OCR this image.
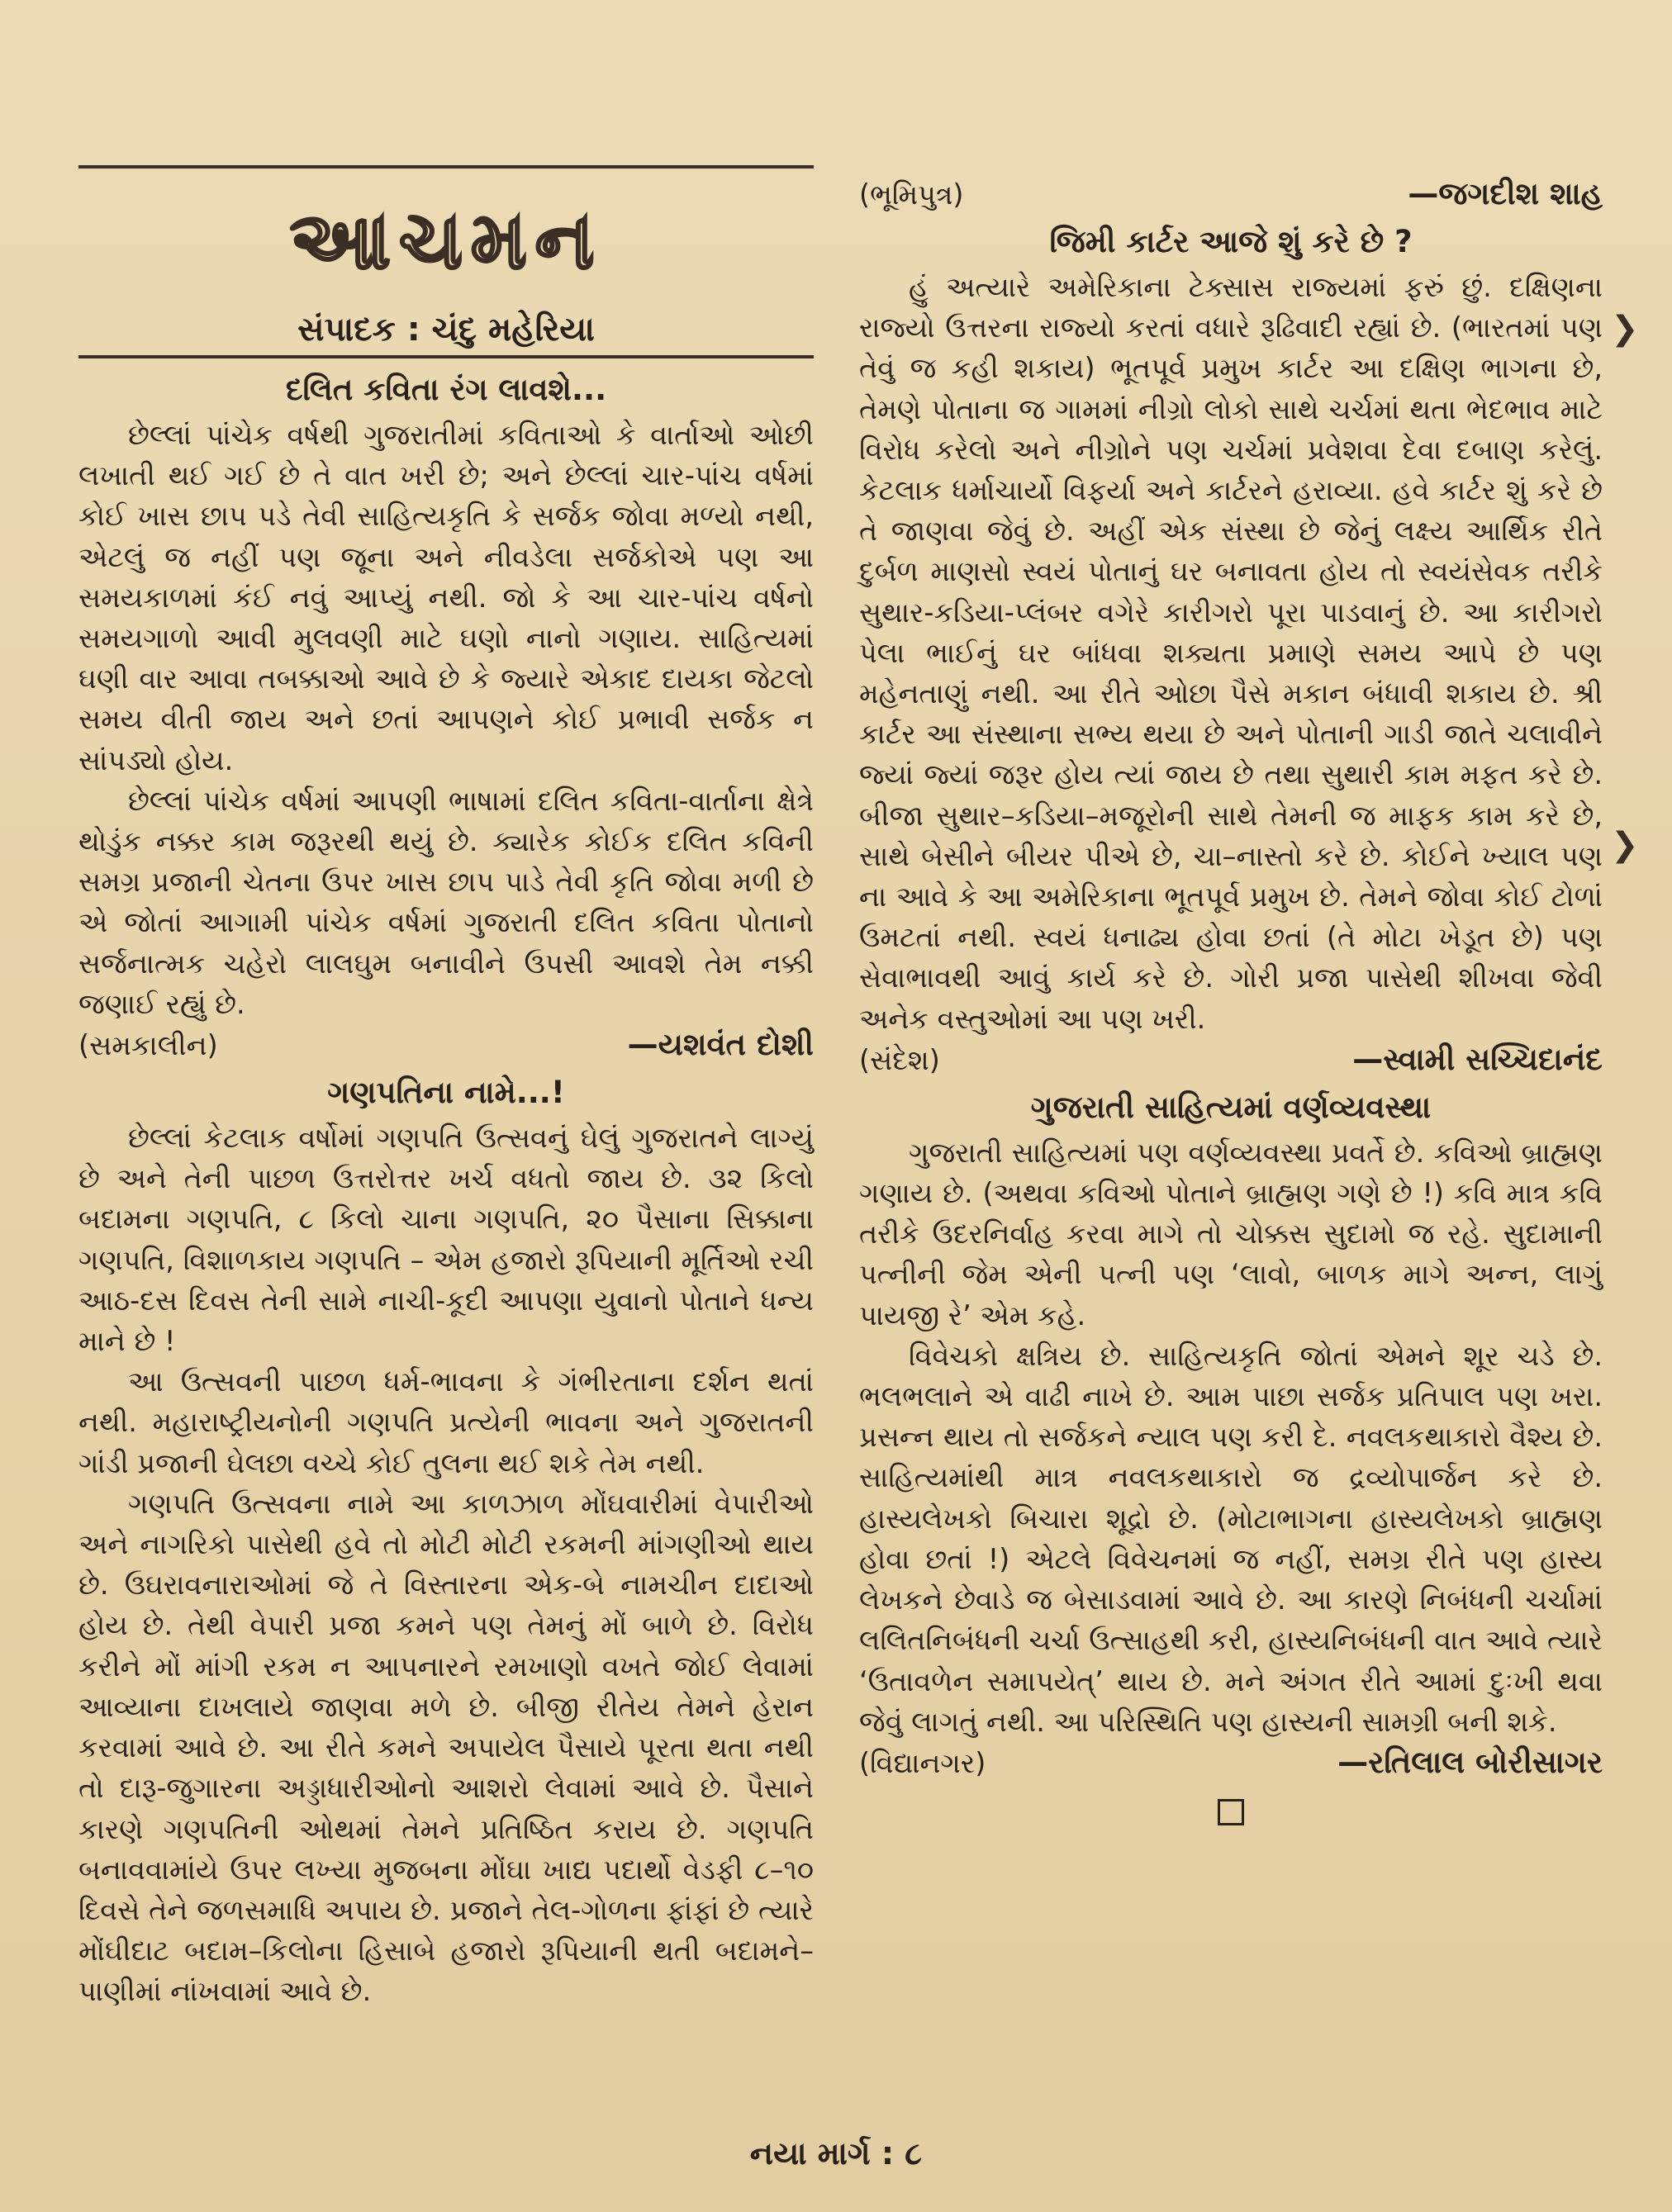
આચમન
સંપાદક : ચંદુ મહેરિયા
દલિત કવિતા રંગ લાવશે...

છેલ્લાં પાંચેક વર્ષથી ગુજરાતીમાં કવિતાઓ કે વાર્તાઓ ઓછી લખાતી થઈ ગઈ છે તે વાત ખરી છે; અને છેલ્લાં ચાર-પાંચ વર્ષમાં કોઈ ખાસ છાપ પડે તેવી સાહિત્યકૃતિ કે સર્જક જોવા મળ્યો નથી, એટલું જ નહીં પણ જૂના અને નીવડેલા સર્જકોએ પણ આ સમયકાળમાં કંઈ નવું આપ્યું નથી. જો કે આ ચાર-પાંચ વર્ષનો સમયગાળો આવી મુલવણી માટે ઘણો નાનો ગણાય. સાહિત્યમાં ઘણી વાર આવા તબક્કાઓ આવે છે કે જ્યારે એકાદ દાયકા જેટલો સમય વીતી જાય અને છતાં આપણને કોઈ પ્રભાવી સર્જક ન સાંપડ્યો હોય.

છેલ્લાં પાંચેક વર્ષમાં આપણી ભાષામાં દલિત કવિતા-વાર્તાના ક્ષેત્રે થોડુંક નક્કર કામ જરૂરથી થયું છે. ક્યારેક કોઈક દલિત કવિની સમગ્ર પ્રજાની ચેતના ઉપર ખાસ છાપ પાડે તેવી કૃતિ જોવા મળી છે એ જોતાં આગામી પાંચેક વર્ષમાં ગુજરાતી દલિત કવિતા પોતાનો સર્જનાત્મક ચહેરો લાલઘુમ બનાવીને ઉપસી આવશે તેમ નક્કી જણાઈ રહ્યું છે.

(સમકાલીન)	—યશવંત દોશી
ગણપતિના નામે...!

છેલ્લાં કેટલાક વર્ષોમાં ગણપતિ ઉત્સવનું ઘેલું ગુજરાતને લાગ્યું છે અને તેની પાછળ ઉત્તરોત્તર ખર્ચ વધતો જાય છે. ૩૨ કિલો બદામના ગણપતિ, ૮ કિલો ચાના ગણપતિ, ૨૦ પૈસાના સિક્કાના ગણપતિ, વિશાળકાય ગણપતિ – એમ હજારો રૂપિયાની મૂર્તિઓ રચી આઠ-દસ દિવસ તેની સામે નાચી-કૂદી આપણા યુવાનો પોતાને ધન્ય માને છે !

આ ઉત્સવની પાછળ ધર્મ-ભાવના કે ગંભીરતાના દર્શન થતાં નથી. મહારાષ્ટ્રીયનોની ગણપતિ પ્રત્યેની ભાવના અને ગુજરાતની ગાંડી પ્રજાની ઘેલછા વચ્ચે કોઈ તુલના થઈ શકે તેમ નથી.

ગણપતિ ઉત્સવના નામે આ કાળઝાળ મોંઘવારીમાં વેપારીઓ અને નાગરિકો પાસેથી હવે તો મોટી મોટી રકમની માંગણીઓ થાય છે. ઉઘરાવનારાઓમાં જે તે વિસ્તારના એક-બે નામચીન દાદાઓ હોય છે. તેથી વેપારી પ્રજા કમને પણ તેમનું મોં બાળે છે. વિરોધ કરીને મોં માંગી રકમ ન આપનારને રમખાણો વખતે જોઈ લેવામાં આવ્યાના દાખલાયે જાણવા મળે છે. બીજી રીતેય તેમને હેરાન કરવામાં આવે છે. આ રીતે કમને અપાયેલ પૈસાયે પૂરતા થતા નથી તો દારૂ-જુગારના અડ્ડાધારીઓનો આશરો લેવામાં આવે છે. પૈસાને કારણે ગણપતિની ઓથમાં તેમને પ્રતિષ્ઠિત કરાય છે. ગણપતિ બનાવવામાંયે ઉપર લખ્યા મુજબના મોંઘા ખાદ્ય પદાર્થો વેડફી ૮–૧૦ દિવસે તેને જળસમાધિ અપાય છે. પ્રજાને તેલ-ગોળના ફાંફાં છે ત્યારે મોંઘીદાટ બદામ–કિલોના હિસાબે હજારો રૂપિયાની થતી બદામને–પાણીમાં નાંખવામાં આવે છે.

(ભૂમિપુત્ર)	—જગદીશ શાહ
જિમી કાર્ટર આજે શું કરે છે ?

હું અત્યારે અમેરિકાના ટેક્સાસ રાજ્યમાં ફરું છું. દક્ષિણના રાજ્યો ઉત્તરના રાજ્યો કરતાં વધારે રૂઢિવાદી રહ્યાં છે. (ભારતમાં પણ તેવું જ કહી શકાય) ભૂતપૂર્વ પ્રમુખ કાર્ટર આ દક્ષિણ ભાગના છે, તેમણે પોતાના જ ગામમાં નીગ્રો લોકો સાથે ચર્ચમાં થતા ભેદભાવ માટે વિરોધ કરેલો અને નીગ્રોને પણ ચર્ચમાં પ્રવેશવા દેવા દબાણ કરેલું. કેટલાક ધર્માચાર્યો વિફર્યા અને કાર્ટરને હરાવ્યા. હવે કાર્ટર શું કરે છે તે જાણવા જેવું છે. અહીં એક સંસ્થા છે જેનું લક્ષ્ય આર્થિક રીતે દુર્બળ માણસો સ્વયં પોતાનું ઘર બનાવતા હોય તો સ્વયંસેવક તરીકે સુથાર-કડિયા-પ્લંબર વગેરે કારીગરો પૂરા પાડવાનું છે. આ કારીગરો પેલા ભાઈનું ઘર બાંધવા શક્યતા પ્રમાણે સમય આપે છે પણ મહેનતાણું નથી. આ રીતે ઓછા પૈસે મકાન બંધાવી શકાય છે. શ્રી કાર્ટર આ સંસ્થાના સભ્ય થયા છે અને પોતાની ગાડી જાતે ચલાવીને જ્યાં જ્યાં જરૂર હોય ત્યાં જાય છે તથા સુથારી કામ મફત કરે છે. બીજા સુથાર–કડિયા–મજૂરોની સાથે તેમની જ માફક કામ કરે છે, સાથે બેસીને બીયર પીએ છે, ચા–નાસ્તો કરે છે. કોઈને ખ્યાલ પણ ના આવે કે આ અમેરિકાના ભૂતપૂર્વ પ્રમુખ છે. તેમને જોવા કોઈ ટોળાં ઉમટતાં નથી. સ્વયં ધનાઢ્ય હોવા છતાં (તે મોટા ખેડૂત છે) પણ સેવાભાવથી આવું કાર્ય કરે છે. ગોરી પ્રજા પાસેથી શીખવા જેવી અનેક વસ્તુઓમાં આ પણ ખરી.

(સંદેશ)	—સ્વામી સચ્ચિદાનંદ
ગુજરાતી સાહિત્યમાં વર્ણવ્યવસ્થા

ગુજરાતી સાહિત્યમાં પણ વર્ણવ્યવસ્થા પ્રવર્તે છે. કવિઓ બ્રાહ્મણ ગણાય છે. (અથવા કવિઓ પોતાને બ્રાહ્મણ ગણે છે !) કવિ માત્ર કવિ તરીકે ઉદરનિર્વાહ કરવા માગે તો ચોક્કસ સુદામો જ રહે. સુદામાની પત્નીની જેમ એની પત્ની પણ ‘લાવો, બાળક માગે અન્ન, લાગું પાયજી રે’ એમ કહે.

વિવેચકો ક્ષત્રિય છે. સાહિત્યકૃતિ જોતાં એમને શૂર ચડે છે. ભલભલાને એ વાઢી નાખે છે. આમ પાછા સર્જક પ્રતિપાલ પણ ખરા. પ્રસન્ન થાય તો સર્જકને ન્યાલ પણ કરી દે. નવલકથાકારો વૈશ્ય છે. સાહિત્યમાંથી માત્ર નવલકથાકારો જ દ્રવ્યોપાર્જન કરે છે. હાસ્યલેખકો બિચારા શૂદ્રો છે. (મોટાભાગના હાસ્યલેખકો બ્રાહ્મણ હોવા છતાં !) એટલે વિવેચનમાં જ નહીં, સમગ્ર રીતે પણ હાસ્ય લેખકને છેવાડે જ બેસાડવામાં આવે છે. આ કારણે નિબંધની ચર્ચામાં લલિતનિબંધની ચર્ચા ઉત્સાહથી કરી, હાસ્યનિબંધની વાત આવે ત્યારે ‘ઉતાવળેન સમાપયેત્’ થાય છે. મને અંગત રીતે આમાં દુઃખી થવા જેવું લાગતું નથી. આ પરિસ્થિતિ પણ હાસ્યની સામગ્રી બની શકે.

(વિદ્યાનગર)	—રતિલાલ બોરીસાગર
નયા માર્ગ : ૮
❯
❯
